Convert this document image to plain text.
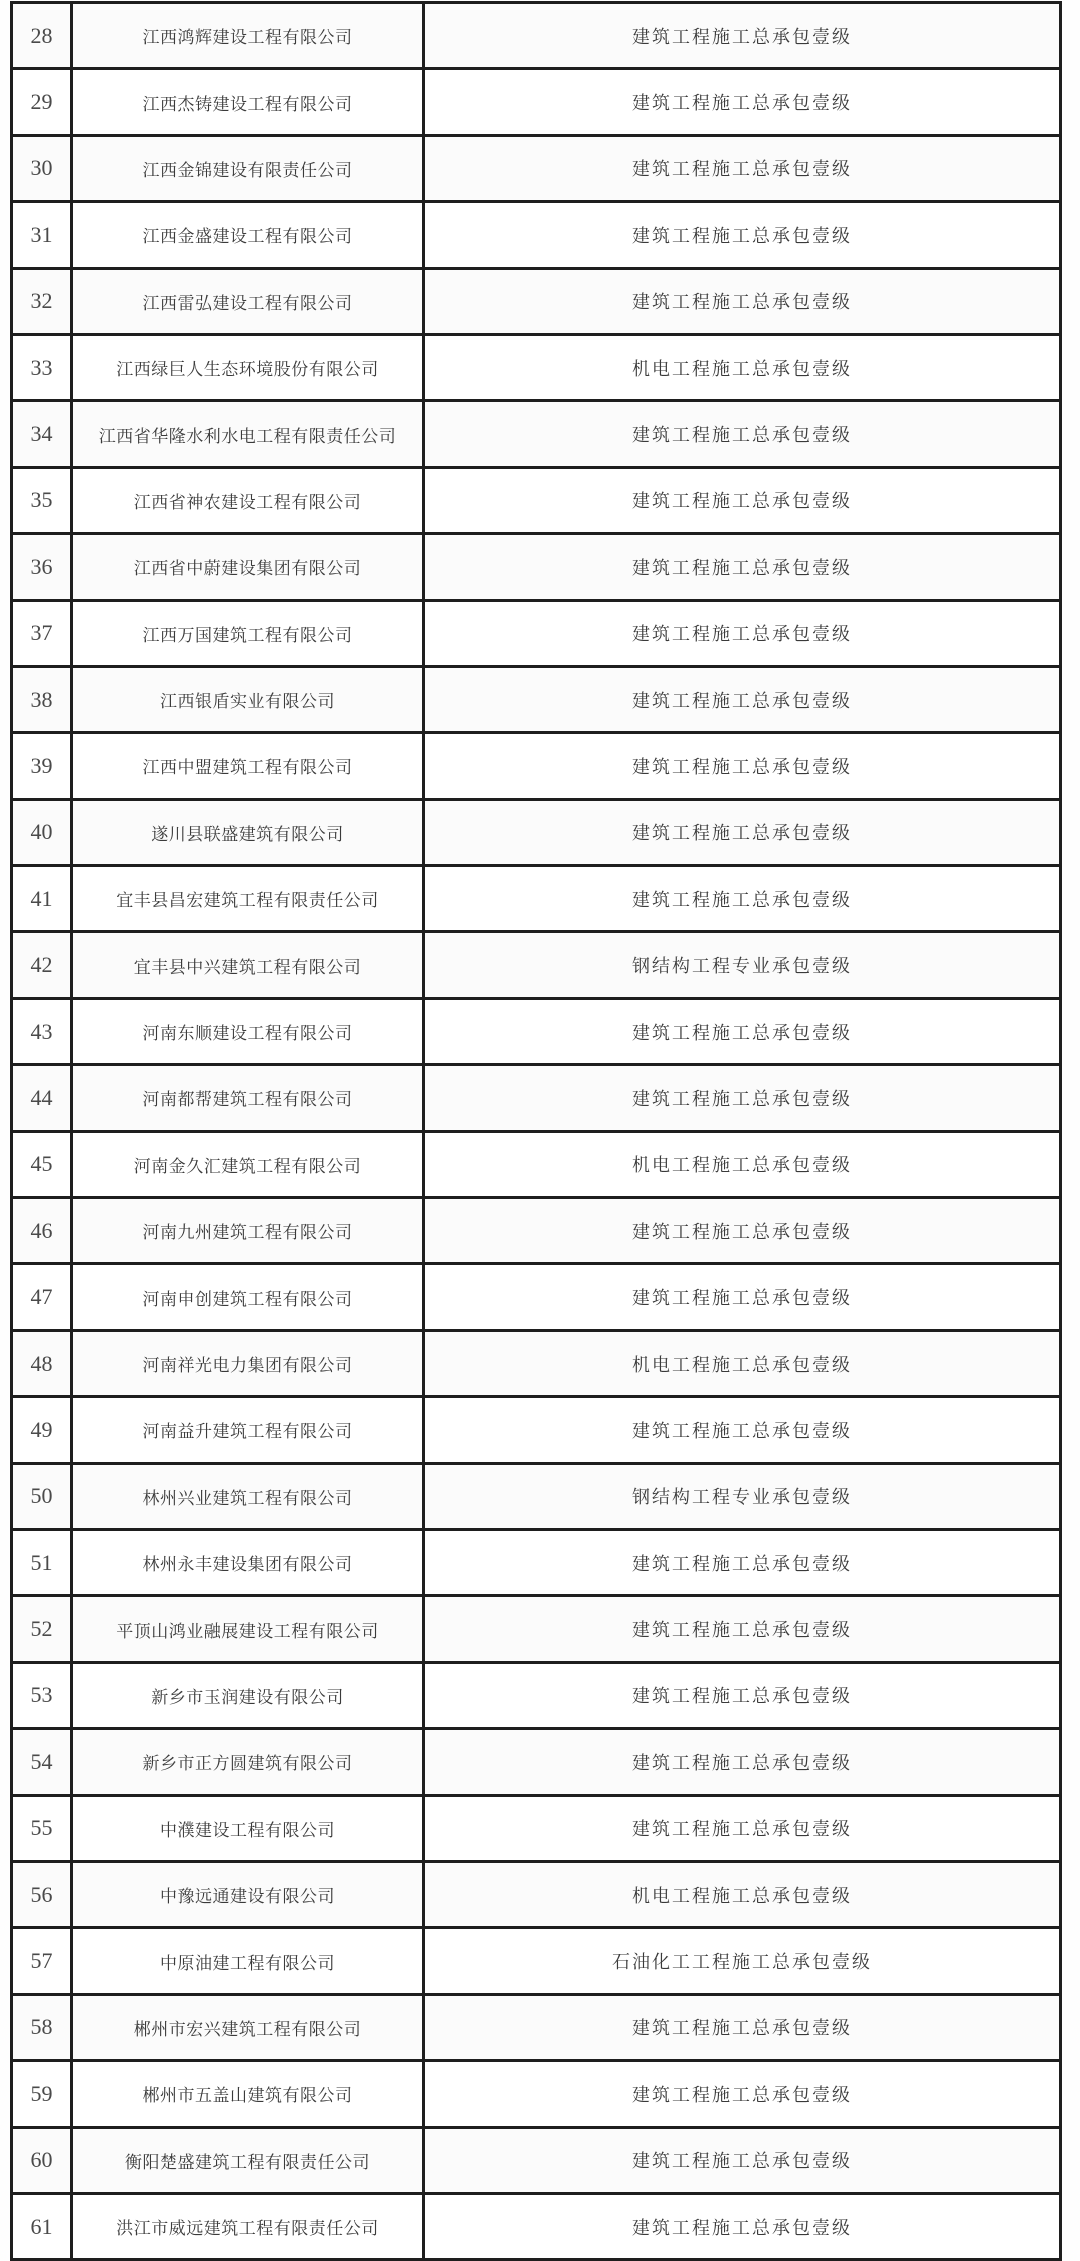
28	江西鸿辉建设工程有限公司	建筑工程施工总承包壹级
29	江西杰铸建设工程有限公司	建筑工程施工总承包壹级
30	江西金锦建设有限责任公司	建筑工程施工总承包壹级
31	江西金盛建设工程有限公司	建筑工程施工总承包壹级
32	江西雷弘建设工程有限公司	建筑工程施工总承包壹级
33	江西绿巨人生态环境股份有限公司	机电工程施工总承包壹级
34	江西省华隆水利水电工程有限责任公司	建筑工程施工总承包壹级
35	江西省神农建设工程有限公司	建筑工程施工总承包壹级
36	江西省中蔚建设集团有限公司	建筑工程施工总承包壹级
37	江西万国建筑工程有限公司	建筑工程施工总承包壹级
38	江西银盾实业有限公司	建筑工程施工总承包壹级
39	江西中盟建筑工程有限公司	建筑工程施工总承包壹级
40	遂川县联盛建筑有限公司	建筑工程施工总承包壹级
41	宜丰县昌宏建筑工程有限责任公司	建筑工程施工总承包壹级
42	宜丰县中兴建筑工程有限公司	钢结构工程专业承包壹级
43	河南东顺建设工程有限公司	建筑工程施工总承包壹级
44	河南都帮建筑工程有限公司	建筑工程施工总承包壹级
45	河南金久汇建筑工程有限公司	机电工程施工总承包壹级
46	河南九州建筑工程有限公司	建筑工程施工总承包壹级
47	河南申创建筑工程有限公司	建筑工程施工总承包壹级
48	河南祥光电力集团有限公司	机电工程施工总承包壹级
49	河南益升建筑工程有限公司	建筑工程施工总承包壹级
50	林州兴业建筑工程有限公司	钢结构工程专业承包壹级
51	林州永丰建设集团有限公司	建筑工程施工总承包壹级
52	平顶山鸿业融展建设工程有限公司	建筑工程施工总承包壹级
53	新乡市玉润建设有限公司	建筑工程施工总承包壹级
54	新乡市正方圆建筑有限公司	建筑工程施工总承包壹级
55	中濮建设工程有限公司	建筑工程施工总承包壹级
56	中豫远通建设有限公司	机电工程施工总承包壹级
57	中原油建工程有限公司	石油化工工程施工总承包壹级
58	郴州市宏兴建筑工程有限公司	建筑工程施工总承包壹级
59	郴州市五盖山建筑有限公司	建筑工程施工总承包壹级
60	衡阳楚盛建筑工程有限责任公司	建筑工程施工总承包壹级
61	洪江市威远建筑工程有限责任公司	建筑工程施工总承包壹级
